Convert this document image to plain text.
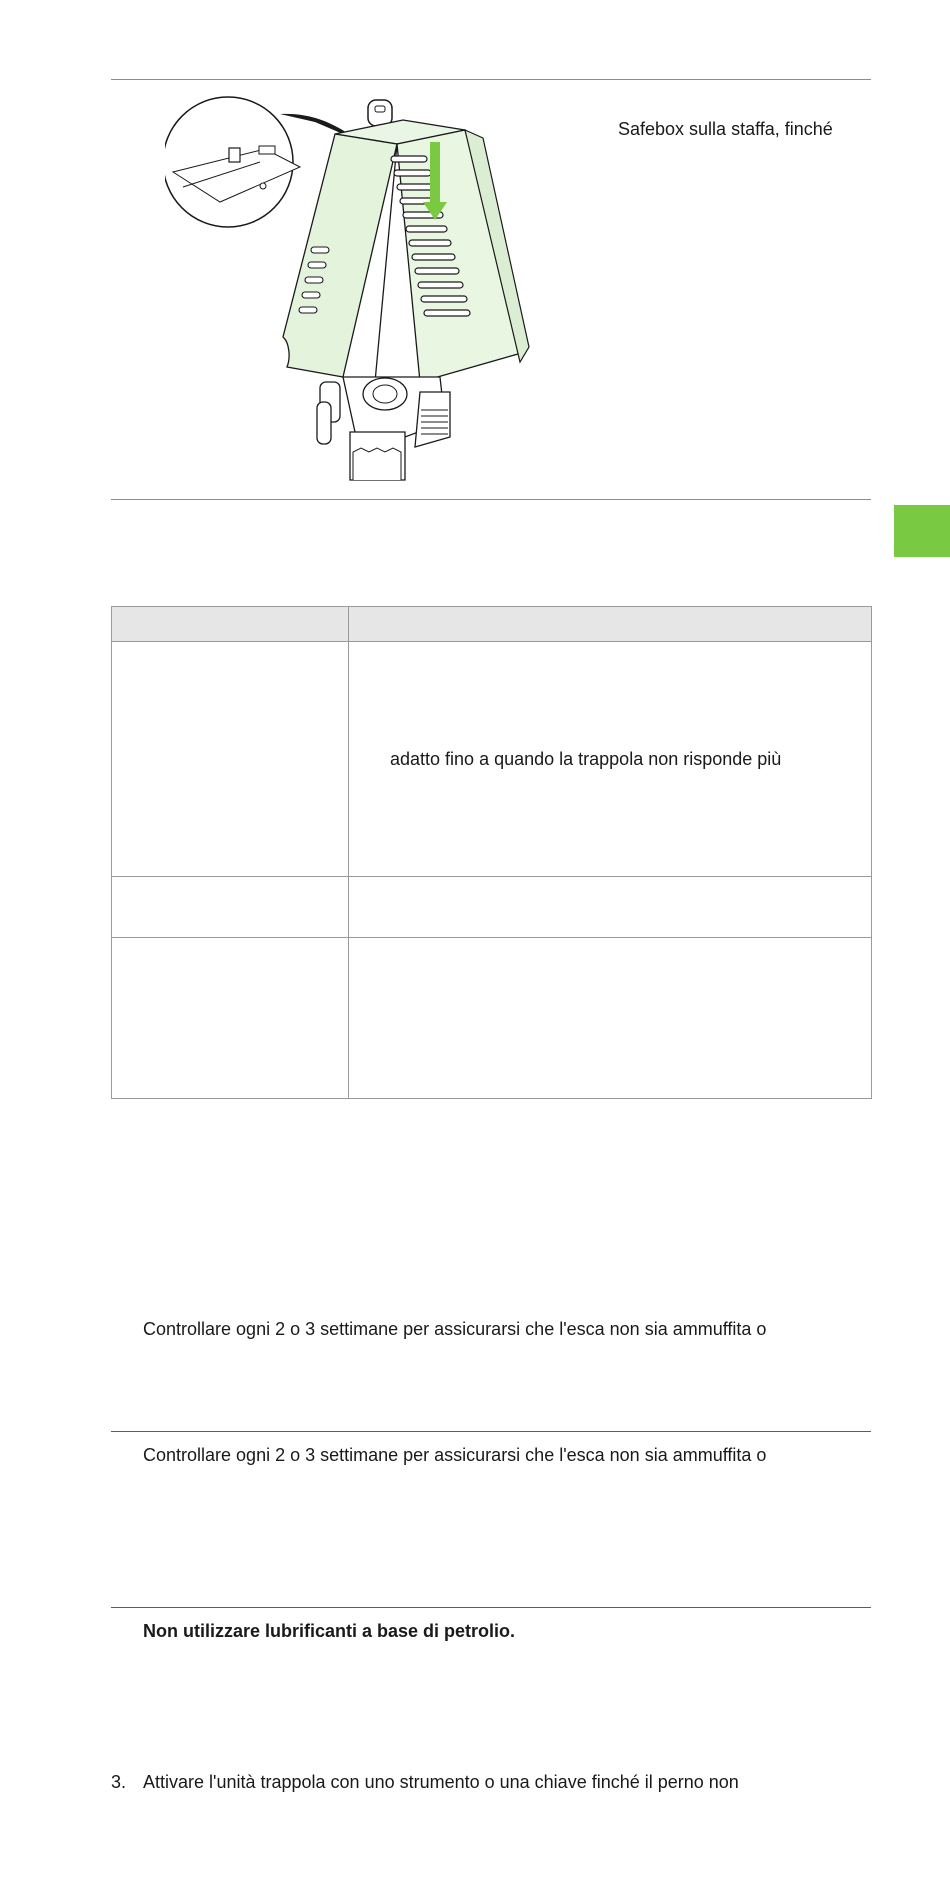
Safebox sulla staffa, finché

	adatto fino a quando la trappola non risponde più

Controllare ogni 2 o 3 settimane per assicurarsi che l'esca non sia ammuffita o
Controllare ogni 2 o 3 settimane per assicurarsi che l'esca non sia ammuffita o
Non utilizzare lubrificanti a base di petrolio.
3. Attivare l'unità trappola con uno strumento o una chiave finché il perno non
